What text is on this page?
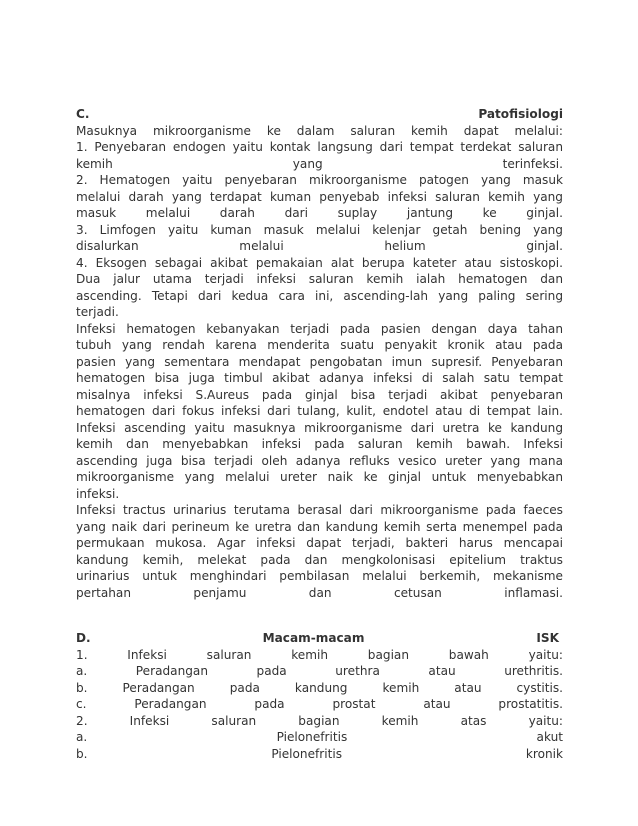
C.	Patofisiologi
Masuknya mikroorganisme ke dalam saluran kemih dapat melalui:
1. Penyebaran endogen yaitu kontak langsung dari tempat terdekat saluran
kemih yang terinfeksi.
2. Hematogen yaitu penyebaran mikroorganisme patogen yang masuk
melalui darah yang terdapat kuman penyebab infeksi saluran kemih yang
masuk melalui darah dari suplay jantung ke ginjal.
3. Limfogen yaitu kuman masuk melalui kelenjar getah bening yang
disalurkan melalui helium ginjal.
4. Eksogen sebagai akibat pemakaian alat berupa kateter atau sistoskopi.
Dua jalur utama terjadi infeksi saluran kemih ialah hematogen dan
ascending. Tetapi dari kedua cara ini, ascending-lah yang paling sering
terjadi.
Infeksi hematogen kebanyakan terjadi pada pasien dengan daya tahan
tubuh yang rendah karena menderita suatu penyakit kronik atau pada
pasien yang sementara mendapat pengobatan imun supresif. Penyebaran
hematogen bisa juga timbul akibat adanya infeksi di salah satu tempat
misalnya infeksi S.Aureus pada ginjal bisa terjadi akibat penyebaran
hematogen dari fokus infeksi dari tulang, kulit, endotel atau di tempat lain.
Infeksi ascending yaitu masuknya mikroorganisme dari uretra ke kandung
kemih dan menyebabkan infeksi pada saluran kemih bawah. Infeksi
ascending juga bisa terjadi oleh adanya refluks vesico ureter yang mana
mikroorganisme yang melalui ureter naik ke ginjal untuk menyebabkan
infeksi.
Infeksi tractus urinarius terutama berasal dari mikroorganisme pada faeces
yang naik dari perineum ke uretra dan kandung kemih serta menempel pada
permukaan mukosa. Agar infeksi dapat terjadi, bakteri harus mencapai
kandung kemih, melekat pada dan mengkolonisasi epitelium traktus
urinarius untuk menghindari pembilasan melalui berkemih, mekanisme
pertahan penjamu dan cetusan inflamasi.
D.	Macam-macam	ISK
1. Infeksi saluran kemih bagian bawah yaitu:
a. Peradangan pada urethra atau urethritis.
b. Peradangan pada kandung kemih atau cystitis.
c. Peradangan pada prostat atau prostatitis.
2. Infeksi saluran bagian kemih atas yaitu:
a.	Pielonefritis	akut
b.	Pielonefritis	kronik
